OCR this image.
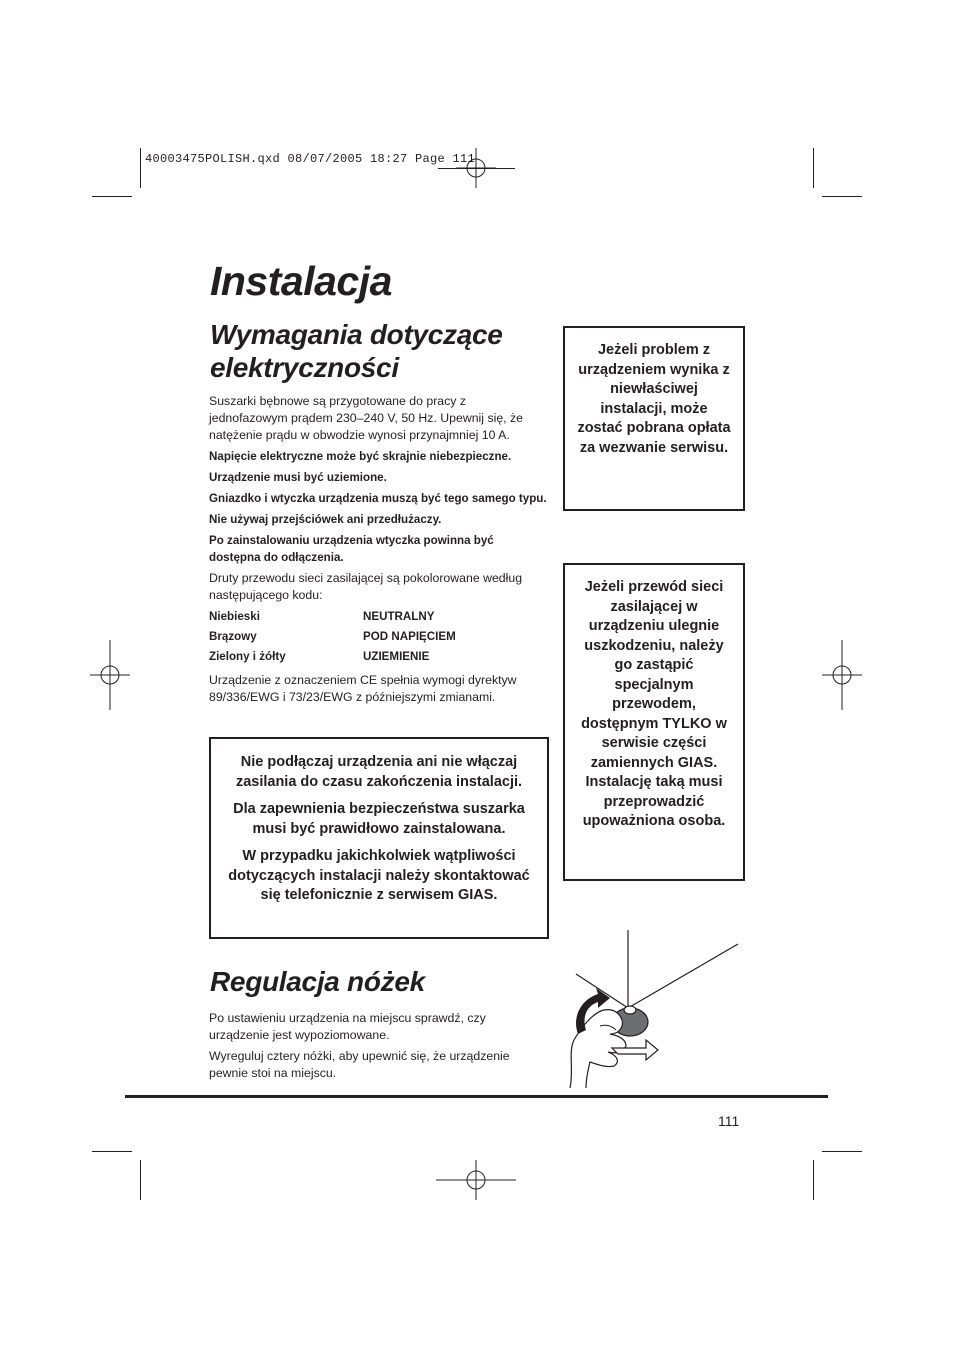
40003475POLISH.qxd 08/07/2005 18:27 Page 111
Instalacja
Wymagania dotyczące
elektryczności

Suszarki bębnowe są przygotowane do pracy z jednofazowym prądem 230–240 V, 50 Hz. Upewnij się, że natężenie prądu w obwodzie wynosi przynajmniej 10 A.

Napięcie elektryczne może być skrajnie niebezpieczne.

Urządzenie musi być uziemione.

Gniazdko i wtyczka urządzenia muszą być tego samego typu.

Nie używaj przejściówek ani przedłużaczy.

Po zainstalowaniu urządzenia wtyczka powinna być dostępna do odłączenia.

Druty przewodu sieci zasilającej są pokolorowane według następującego kodu:

Niebieski	NEUTRALNY
Brązowy	POD NAPIĘCIEM
Zielony i żółty	UZIEMIENIE

Urządzenie z oznaczeniem CE spełnia wymogi dyrektyw 89/336/EWG i 73/23/EWG z późniejszymi zmianami.

Nie podłączaj urządzenia ani nie włączaj zasilania do czasu zakończenia instalacji.

Dla zapewnienia bezpieczeństwa suszarka musi być prawidłowo zainstalowana.

W przypadku jakichkolwiek wątpliwości dotyczących instalacji należy skontaktować się telefonicznie z serwisem GIAS.

Jeżeli problem z urządzeniem wynika z niewłaściwej instalacji, może zostać pobrana opłata za wezwanie serwisu.

Jeżeli przewód sieci zasilającej w urządzeniu ulegnie uszkodzeniu, należy go zastąpić specjalnym przewodem, dostępnym TYLKO w serwisie części zamiennych GIAS. Instalację taką musi przeprowadzić upoważniona osoba.

Regulacja nóżek

Po ustawieniu urządzenia na miejscu sprawdź, czy urządzenie jest wypoziomowane.

Wyreguluj cztery nóżki, aby upewnić się, że urządzenie pewnie stoi na miejscu.

111
